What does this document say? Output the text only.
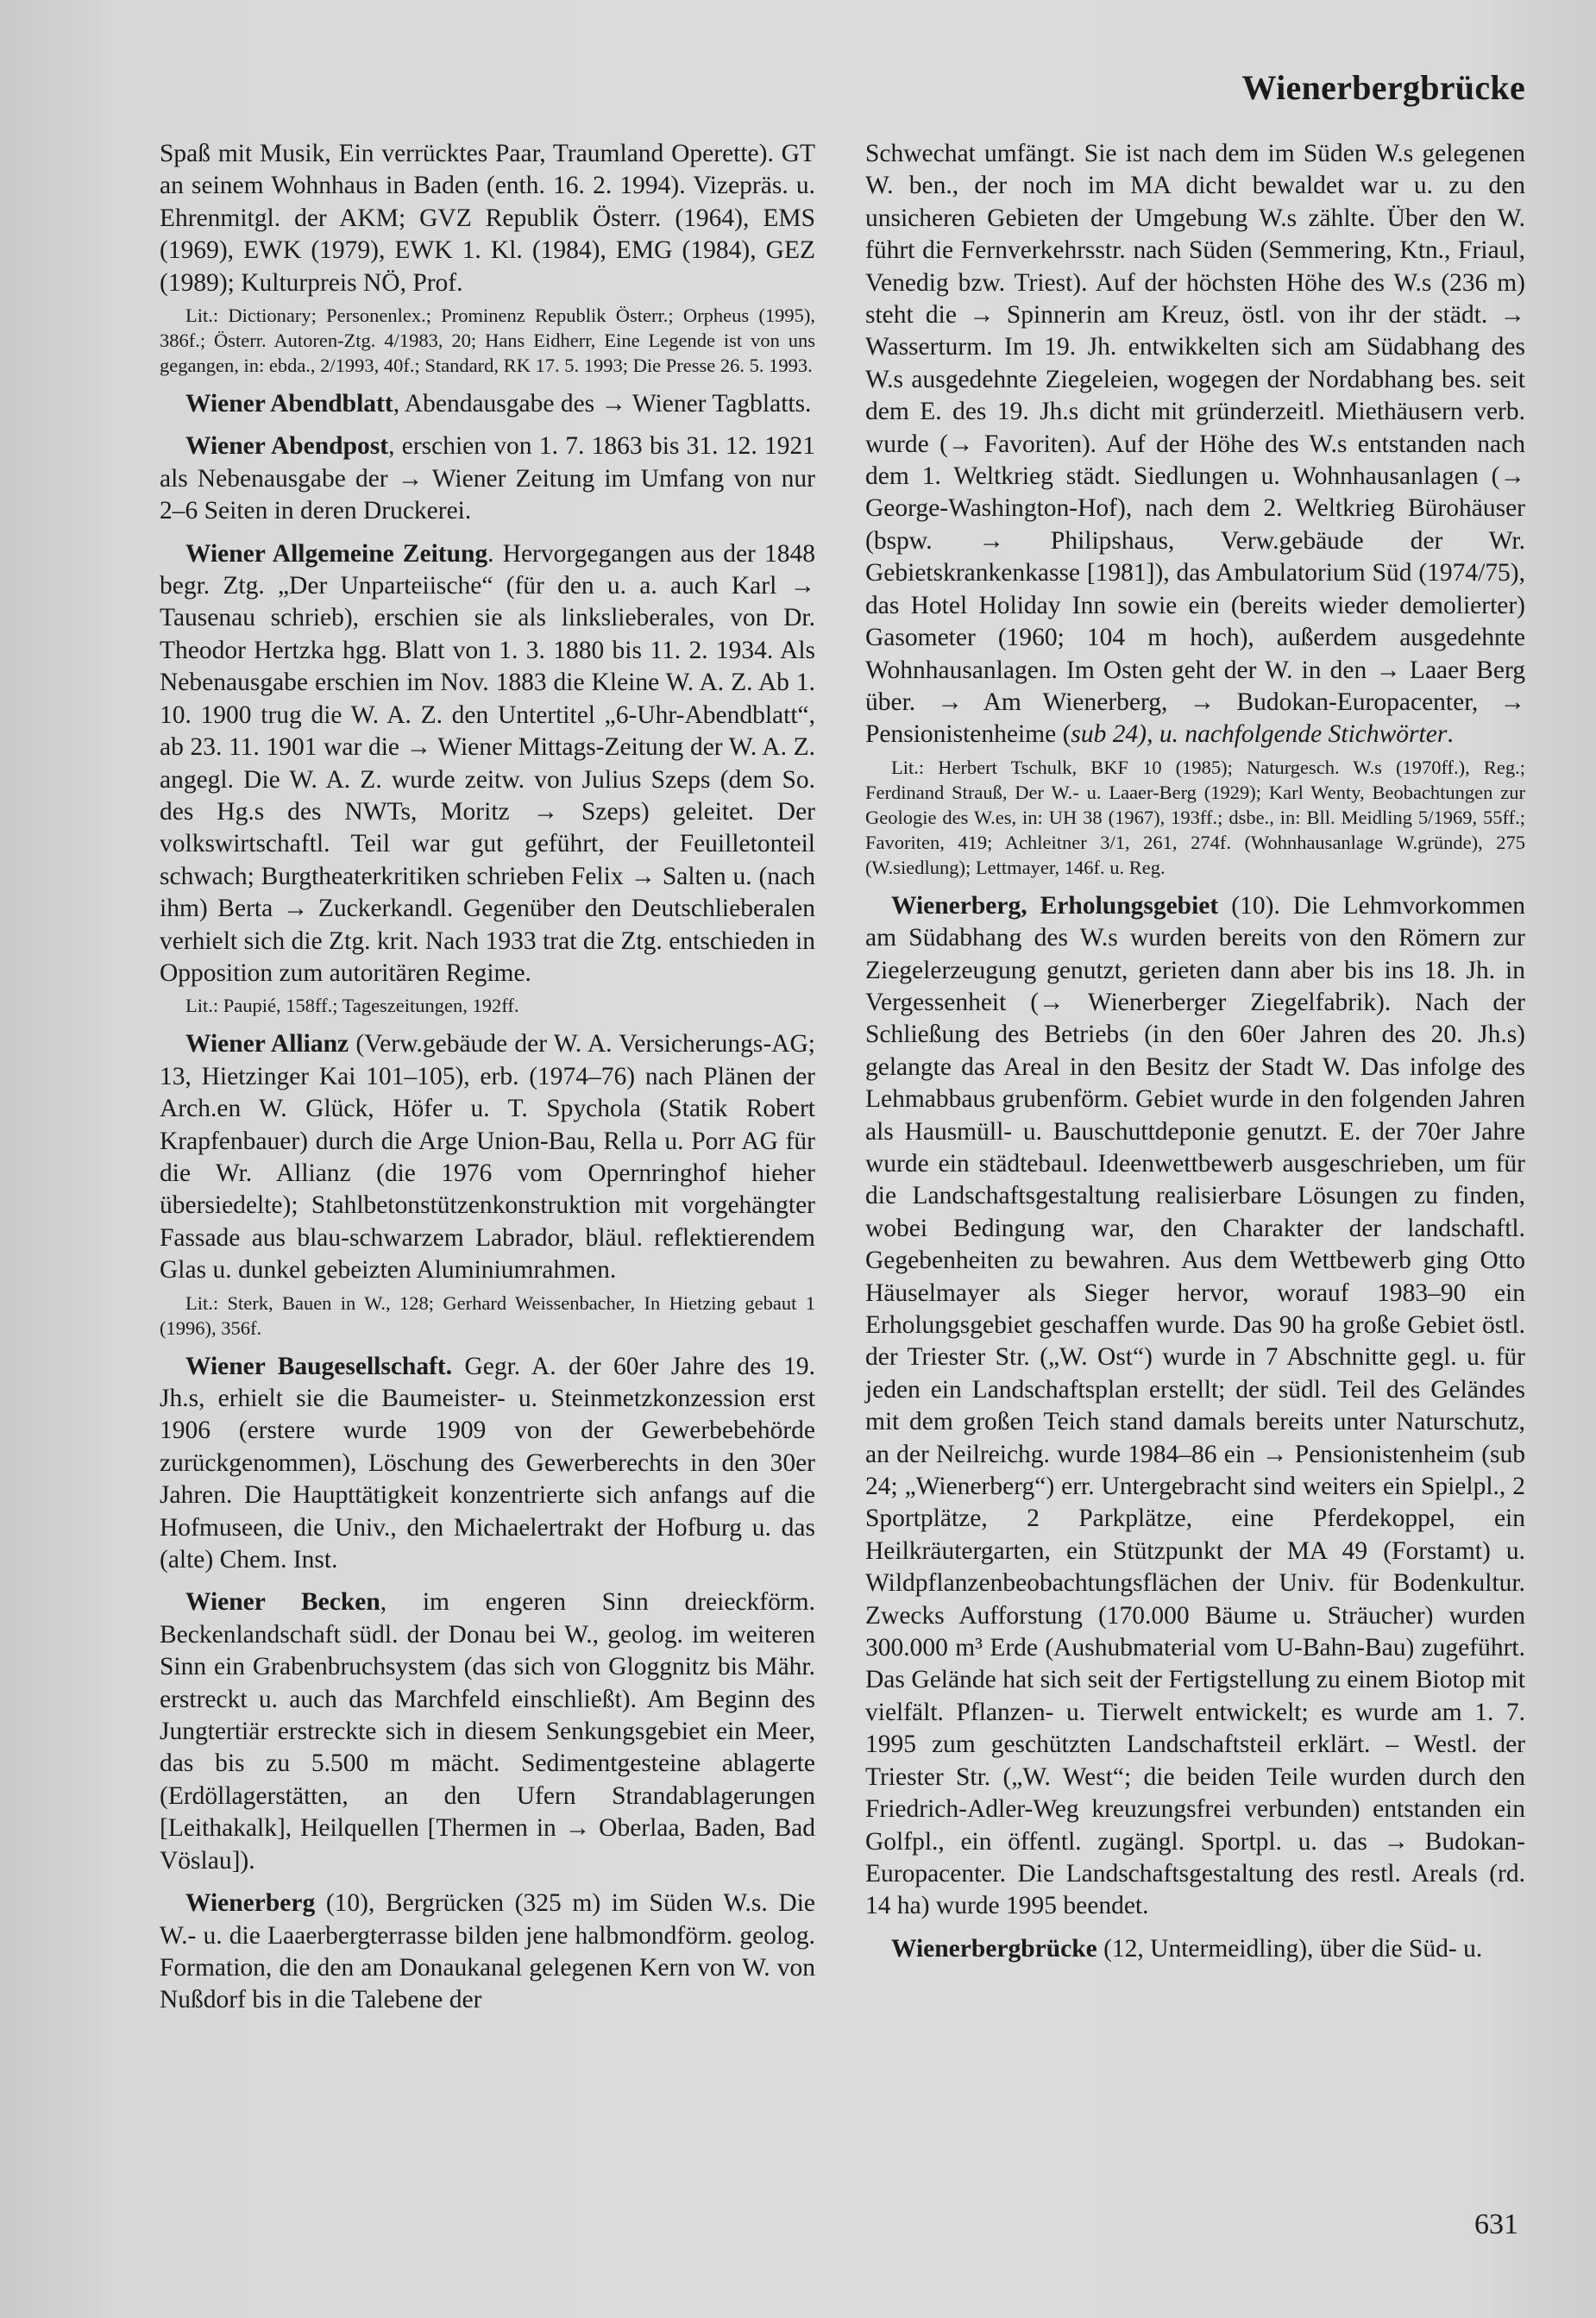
Wienerbergbrücke

Spaß mit Musik, Ein verrücktes Paar, Traumland Operette). GT an seinem Wohnhaus in Baden (enth. 16. 2. 1994). Vizepräs. u. Ehrenmitgl. der AKM; GVZ Republik Österr. (1964), EMS (1969), EWK (1979), EWK 1. Kl. (1984), EMG (1984), GEZ (1989); Kulturpreis NÖ, Prof.

Lit.: Dictionary; Personenlex.; Prominenz Republik Österr.; Orpheus (1995), 386f.; Österr. Autoren-Ztg. 4/1983, 20; Hans Eidherr, Eine Legende ist von uns gegangen, in: ebda., 2/1993, 40f.; Standard, RK 17. 5. 1993; Die Presse 26. 5. 1993.

Wiener Abendblatt, Abendausgabe des → Wiener Tagblatts.

Wiener Abendpost, erschien von 1. 7. 1863 bis 31. 12. 1921 als Nebenausgabe der → Wiener Zeitung im Umfang von nur 2–6 Seiten in deren Druckerei.

Wiener Allgemeine Zeitung. Hervorgegangen aus der 1848 begr. Ztg. „Der Unparteiische“ (für den u. a. auch Karl → Tausenau schrieb), erschien sie als linkslieberales, von Dr. Theodor Hertzka hgg. Blatt von 1. 3. 1880 bis 11. 2. 1934. Als Nebenausgabe erschien im Nov. 1883 die Kleine W. A. Z. Ab 1. 10. 1900 trug die W. A. Z. den Untertitel „6-Uhr-Abendblatt“, ab 23. 11. 1901 war die → Wiener Mittags-Zeitung der W. A. Z. angegl. Die W. A. Z. wurde zeitw. von Julius Szeps (dem So. des Hg.s des NWTs, Moritz → Szeps) geleitet. Der volkswirtschaftl. Teil war gut geführt, der Feuilletonteil schwach; Burgtheaterkritiken schrieben Felix → Salten u. (nach ihm) Berta → Zuckerkandl. Gegenüber den Deutschlieberalen verhielt sich die Ztg. krit. Nach 1933 trat die Ztg. entschieden in Opposition zum autoritären Regime.

Lit.: Paupié, 158ff.; Tageszeitungen, 192ff.

Wiener Allianz (Verw.gebäude der W. A. Versicherungs-AG; 13, Hietzinger Kai 101–105), erb. (1974–76) nach Plänen der Arch.en W. Glück, Höfer u. T. Spychola (Statik Robert Krapfenbauer) durch die Arge Union-Bau, Rella u. Porr AG für die Wr. Allianz (die 1976 vom Opernringhof hieher übersiedelte); Stahlbetonstützenkonstruktion mit vorgehängter Fassade aus blau-schwarzem Labrador, bläul. reflektierendem Glas u. dunkel gebeizten Aluminiumrahmen.

Lit.: Sterk, Bauen in W., 128; Gerhard Weissenbacher, In Hietzing gebaut 1 (1996), 356f.

Wiener Baugesellschaft. Gegr. A. der 60er Jahre des 19. Jh.s, erhielt sie die Baumeister- u. Steinmetzkonzession erst 1906 (erstere wurde 1909 von der Gewerbebehörde zurückgenommen), Löschung des Gewerberechts in den 30er Jahren. Die Haupttätigkeit konzentrierte sich anfangs auf die Hofmuseen, die Univ., den Michaelertrakt der Hofburg u. das (alte) Chem. Inst.

Wiener Becken, im engeren Sinn dreieckförm. Beckenlandschaft südl. der Donau bei W., geolog. im weiteren Sinn ein Grabenbruchsystem (das sich von Gloggnitz bis Mähr. erstreckt u. auch das Marchfeld einschließt). Am Beginn des Jungtertiär erstreckte sich in diesem Senkungsgebiet ein Meer, das bis zu 5.500 m mächt. Sedimentgesteine ablagerte (Erdöllagerstätten, an den Ufern Strandablagerungen [Leithakalk], Heilquellen [Thermen in → Oberlaa, Baden, Bad Vöslau]).

Wienerberg (10), Bergrücken (325 m) im Süden W.s. Die W.- u. die Laaerbergterrasse bilden jene halbmondförm. geolog. Formation, die den am Donaukanal gelegenen Kern von W. von Nußdorf bis in die Talebene der

Schwechat umfängt. Sie ist nach dem im Süden W.s gelegenen W. ben., der noch im MA dicht bewaldet war u. zu den unsicheren Gebieten der Umgebung W.s zählte. Über den W. führt die Fernverkehrsstr. nach Süden (Semmering, Ktn., Friaul, Venedig bzw. Triest). Auf der höchsten Höhe des W.s (236 m) steht die → Spinnerin am Kreuz, östl. von ihr der städt. → Wasserturm. Im 19. Jh. entwikkelten sich am Südabhang des W.s ausgedehnte Ziegeleien, wogegen der Nordabhang bes. seit dem E. des 19. Jh.s dicht mit gründerzeitl. Miethäusern verb. wurde (→ Favoriten). Auf der Höhe des W.s entstanden nach dem 1. Weltkrieg städt. Siedlungen u. Wohnhausanlagen (→ George-Washington-Hof), nach dem 2. Weltkrieg Bürohäuser (bspw. → Philipshaus, Verw.gebäude der Wr. Gebietskrankenkasse [1981]), das Ambulatorium Süd (1974/75), das Hotel Holiday Inn sowie ein (bereits wieder demolierter) Gasometer (1960; 104 m hoch), außerdem ausgedehnte Wohnhausanlagen. Im Osten geht der W. in den → Laaer Berg über. → Am Wienerberg, → Budokan-Europacenter, → Pensionistenheime (sub 24), u. nachfolgende Stichwörter.

Lit.: Herbert Tschulk, BKF 10 (1985); Naturgesch. W.s (1970ff.), Reg.; Ferdinand Strauß, Der W.- u. Laaer-Berg (1929); Karl Wenty, Beobachtungen zur Geologie des W.es, in: UH 38 (1967), 193ff.; dsbe., in: Bll. Meidling 5/1969, 55ff.; Favoriten, 419; Achleitner 3/1, 261, 274f. (Wohnhausanlage W.gründe), 275 (W.siedlung); Lettmayer, 146f. u. Reg.

Wienerberg, Erholungsgebiet (10). Die Lehmvorkommen am Südabhang des W.s wurden bereits von den Römern zur Ziegelerzeugung genutzt, gerieten dann aber bis ins 18. Jh. in Vergessenheit (→ Wienerberger Ziegelfabrik). Nach der Schließung des Betriebs (in den 60er Jahren des 20. Jh.s) gelangte das Areal in den Besitz der Stadt W. Das infolge des Lehmabbaus grubenförm. Gebiet wurde in den folgenden Jahren als Hausmüll- u. Bauschuttdeponie genutzt. E. der 70er Jahre wurde ein städtebaul. Ideenwettbewerb ausgeschrieben, um für die Landschaftsgestaltung realisierbare Lösungen zu finden, wobei Bedingung war, den Charakter der landschaftl. Gegebenheiten zu bewahren. Aus dem Wettbewerb ging Otto Häuselmayer als Sieger hervor, worauf 1983–90 ein Erholungsgebiet geschaffen wurde. Das 90 ha große Gebiet östl. der Triester Str. („W. Ost“) wurde in 7 Abschnitte gegl. u. für jeden ein Landschaftsplan erstellt; der südl. Teil des Geländes mit dem großen Teich stand damals bereits unter Naturschutz, an der Neilreichg. wurde 1984–86 ein → Pensionistenheim (sub 24; „Wienerberg“) err. Untergebracht sind weiters ein Spielpl., 2 Sportplätze, 2 Parkplätze, eine Pferdekoppel, ein Heilkräutergarten, ein Stützpunkt der MA 49 (Forstamt) u. Wildpflanzenbeobachtungsflächen der Univ. für Bodenkultur. Zwecks Aufforstung (170.000 Bäume u. Sträucher) wurden 300.000 m³ Erde (Aushubmaterial vom U-Bahn-Bau) zugeführt. Das Gelände hat sich seit der Fertigstellung zu einem Biotop mit vielfält. Pflanzen- u. Tierwelt entwickelt; es wurde am 1. 7. 1995 zum geschützten Landschaftsteil erklärt. – Westl. der Triester Str. („W. West“; die beiden Teile wurden durch den Friedrich-Adler-Weg kreuzungsfrei verbunden) entstanden ein Golfpl., ein öffentl. zugängl. Sportpl. u. das → Budokan-Europacenter. Die Landschaftsgestaltung des restl. Areals (rd. 14 ha) wurde 1995 beendet.

Wienerbergbrücke (12, Untermeidling), über die Süd- u.

631
